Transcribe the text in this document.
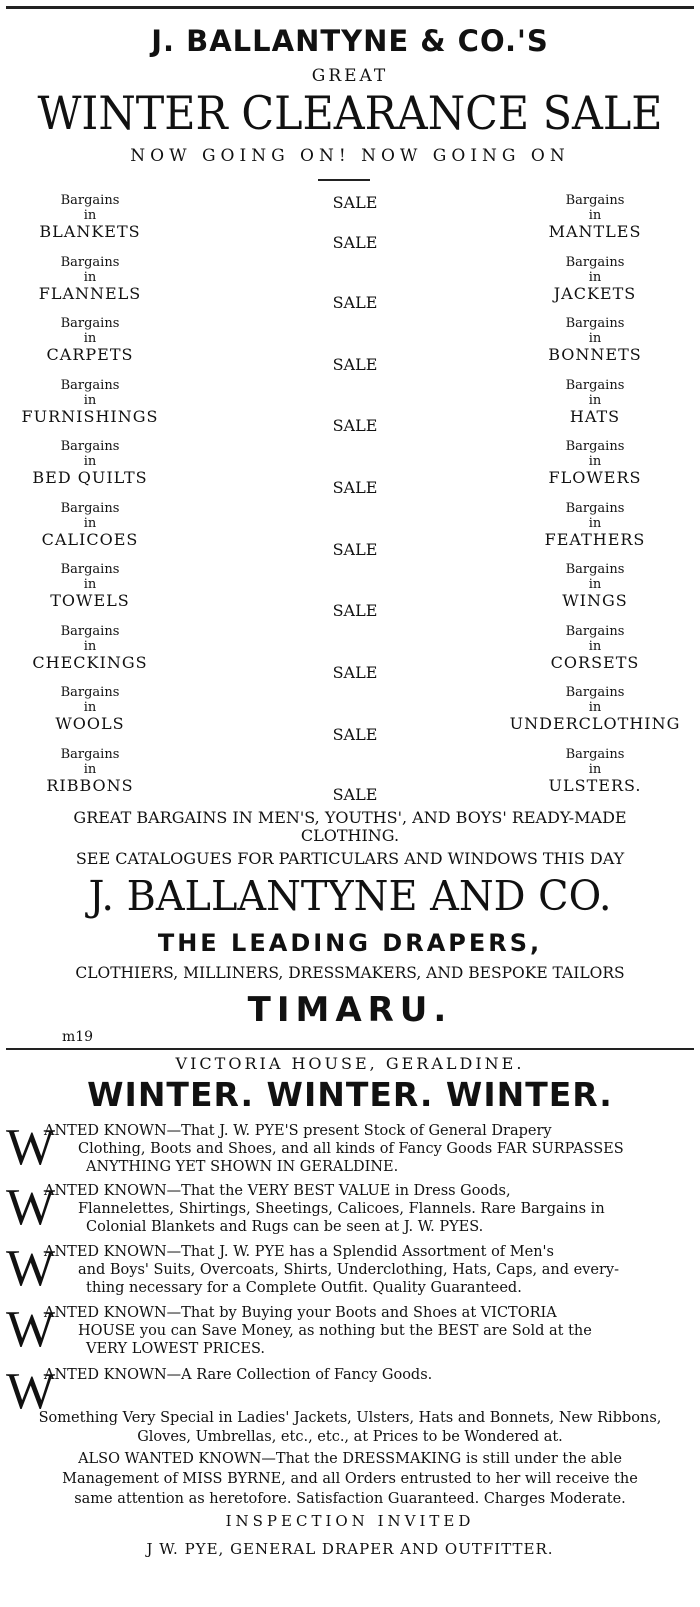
J. BALLANTYNE & CO.'S
GREAT
WINTER CLEARANCE SALE
NOW GOING ON! NOW GOING ON
Bargains
in
BLANKETS
Bargains
in
FLANNELS
Bargains
in
CARPETS
Bargains
in
FURNISHINGS
Bargains
in
BED QUILTS
Bargains
in
CALICOES
Bargains
in
TOWELS
Bargains
in
CHECKINGS
Bargains
in
WOOLS
Bargains
in
RIBBONS
SALE
SALE
SALE
SALE
SALE
SALE
SALE
SALE
SALE
SALE
SALE
Bargains
in
MANTLES
Bargains
in
JACKETS
Bargains
in
BONNETS
Bargains
in
HATS
Bargains
in
FLOWERS
Bargains
in
FEATHERS
Bargains
in
WINGS
Bargains
in
CORSETS
Bargains
in
UNDERCLOTHING
Bargains
in
ULSTERS.
GREAT BARGAINS IN MEN'S, YOUTHS', AND BOYS' READY-MADE
CLOTHING.
SEE CATALOGUES FOR PARTICULARS AND WINDOWS THIS DAY
J. BALLANTYNE AND CO.
THE LEADING DRAPERS,
CLOTHIERS, MILLINERS, DRESSMAKERS, AND BESPOKE TAILORS
TIMARU.
m19
VICTORIA HOUSE, GERALDINE.
WINTER. WINTER. WINTER.
W
ANTED KNOWN—That J. W. PYE'S present Stock of General Drapery
Clothing, Boots and Shoes, and all kinds of Fancy Goods FAR SURPASSES
ANYTHING YET SHOWN IN GERALDINE.
W
ANTED KNOWN—That the VERY BEST VALUE in Dress Goods,
Flannelettes, Shirtings, Sheetings, Calicoes, Flannels. Rare Bargains in
Colonial Blankets and Rugs can be seen at J. W. PYES.
W
ANTED KNOWN—That J. W. PYE has a Splendid Assortment of Men's
and Boys' Suits, Overcoats, Shirts, Underclothing, Hats, Caps, and every-
thing necessary for a Complete Outfit. Quality Guaranteed.
W
ANTED KNOWN—That by Buying your Boots and Shoes at VICTORIA
HOUSE you can Save Money, as nothing but the BEST are Sold at the
VERY LOWEST PRICES.
W
ANTED KNOWN—A Rare Collection of Fancy Goods.
Something Very Special in Ladies' Jackets, Ulsters, Hats and Bonnets, New Ribbons,
Gloves, Umbrellas, etc., etc., at Prices to be Wondered at.
ALSO WANTED KNOWN—That the DRESSMAKING is still under the able
Management of MISS BYRNE, and all Orders entrusted to her will receive the
same attention as heretofore. Satisfaction Guaranteed. Charges Moderate.
INSPECTION INVITED
J W. PYE, GENERAL DRAPER AND OUTFITTER.
